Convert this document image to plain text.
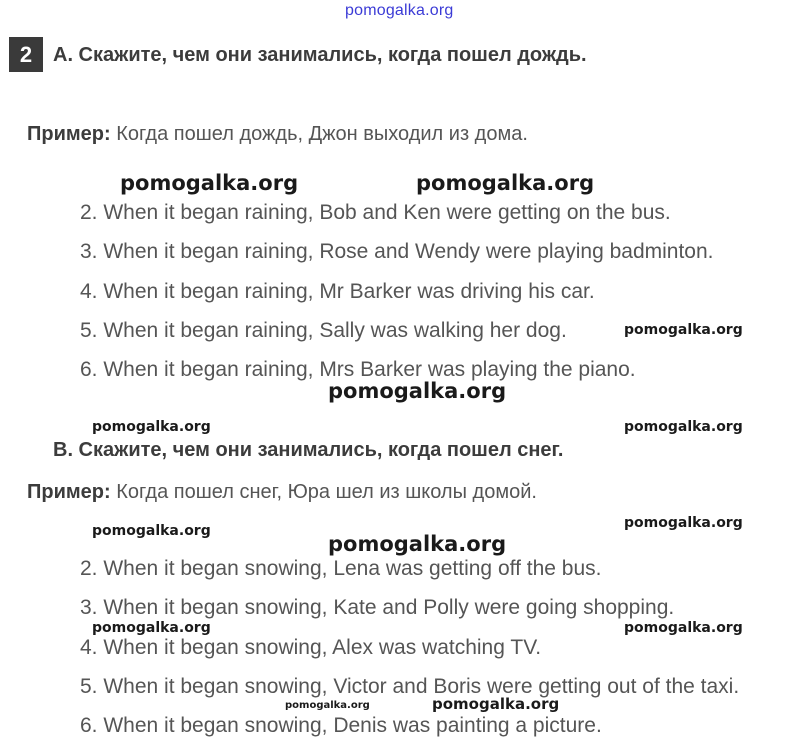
pomogalka.org
2	A. Скажите, чем они занимались, когда пошел дождь.
Пример: Когда пошел дождь, Джон выходил из дома.
2. When it began raining, Bob and Ken were getting on the bus.
3. When it began raining, Rose and Wendy were playing badminton.
4. When it began raining, Mr Barker was driving his car.
5. When it began raining, Sally was walking her dog.
6. When it began raining, Mrs Barker was playing the piano.
B. Скажите, чем они занимались, когда пошел снег.
Пример: Когда пошел снег, Юра шел из школы домой.
2. When it began snowing, Lena was getting off the bus.
3. When it began snowing, Kate and Polly were going shopping.
4. When it began snowing, Alex was watching TV.
5. When it began snowing, Victor and Boris were getting out of the taxi.
6. When it began snowing, Denis was painting a picture.
pomogalka.org	pomogalka.org
pomogalka.org
pomogalka.org
pomogalka.org	pomogalka.org
pomogalka.org
pomogalka.org
pomogalka.org
pomogalka.org	pomogalka.org
pomogalka.org	pomogalka.org
